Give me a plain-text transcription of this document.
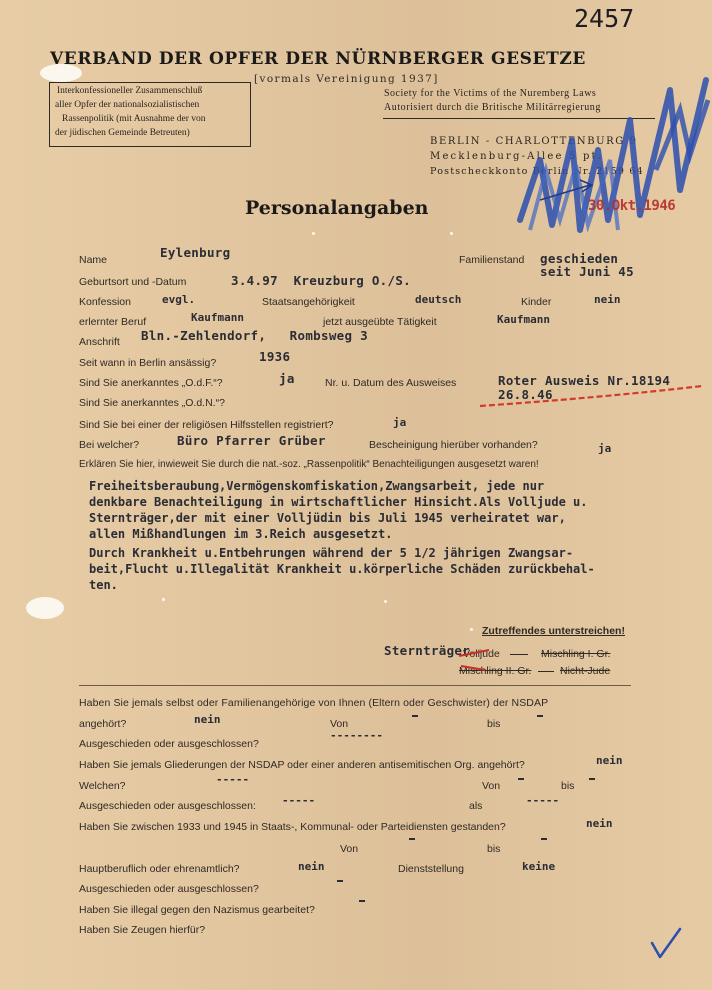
2457
VERBAND DER OPFER DER NÜRNBERGER GESETZE
[vormals Vereinigung 1937]
Interkonfessioneller Zusammenschluß
aller Opfer der nationalsozialistischen
Rassenpolitik (mit Ausnahme der von
der jüdischen Gemeinde Betreuten)
Society for the Victims of the Nuremberg Laws
Autorisiert durch die Britische Militärregierung
BERLIN - CHARLOTTENBURG 9
Mecklenburg-Allee 5 pt.
Postscheckkonto Berlin Nr. 2159 64
30.Okt.1946
Personalangaben
Name	Eylenburg	Familienstand geschieden
seit Juni 45
Geburtsort und -Datum	3.4.97  Kreuzburg O./S.
Konfession	evgl.	Staatsangehörigkeit	deutsch	Kinder	nein
erlernter Beruf	Kaufmann	jetzt ausgeübte Tätigkeit	Kaufmann
Anschrift Bln.-Zehlendorf,   Rombsweg 3
Seit wann in Berlin ansässig?	1936
Sind Sie anerkanntes „O.d.F.“?	ja	Nr. u. Datum des Ausweises	Roter Ausweis Nr.18194
26.8.46
Sind Sie anerkanntes „O.d.N.“?
Sind Sie bei einer der religiösen Hilfsstellen registriert?	ja
Bei welcher?	Büro Pfarrer Grüber	Bescheinigung hierüber vorhanden?	ja
Erklären Sie hier, inwieweit Sie durch die nat.-soz. „Rassenpolitik“ Benachteiligungen ausgesetzt waren!
Freiheitsberaubung,Vermögenskomfiskation,Zwangsarbeit, jede nur
denkbare Benachteiligung in wirtschaftlicher Hinsicht.Als Volljude u.
Sternträger,der mit einer Volljüdin bis Juli 1945 verheiratet war,
allen Mißhandlungen im 3.Reich ausgesetzt.
Durch Krankheit u.Entbehrungen während der 5 1/2 jährigen Zwangsar-
beit,Flucht u.Illegalität Krankheit u.körperliche Schäden zurückbehal-
ten.
Zutreffendes unterstreichen!
Sternträger
Volljude	Mischling I. Gr.
Mischling II. Gr.	Nicht-Jude
Haben Sie jemals selbst oder Familienangehörige von Ihnen (Eltern oder Geschwister) der NSDAP
angehört?	nein	Von	bis
Ausgeschieden oder ausgeschlossen?
--------
Haben Sie jemals Gliederungen der NSDAP oder einer anderen antisemitischen Org. angehört?	nein
Welchen?	-----	Von	bis
Ausgeschieden oder ausgeschlossen: -----	als	-----
Haben Sie zwischen 1933 und 1945 in Staats-, Kommunal- oder Parteidiensten gestanden?	nein
Von	bis
Hauptberuflich oder ehrenamtlich?	nein	Dienststellung	keine
Ausgeschieden oder ausgeschlossen?
Haben Sie illegal gegen den Nazismus gearbeitet?
Haben Sie Zeugen hierfür?
